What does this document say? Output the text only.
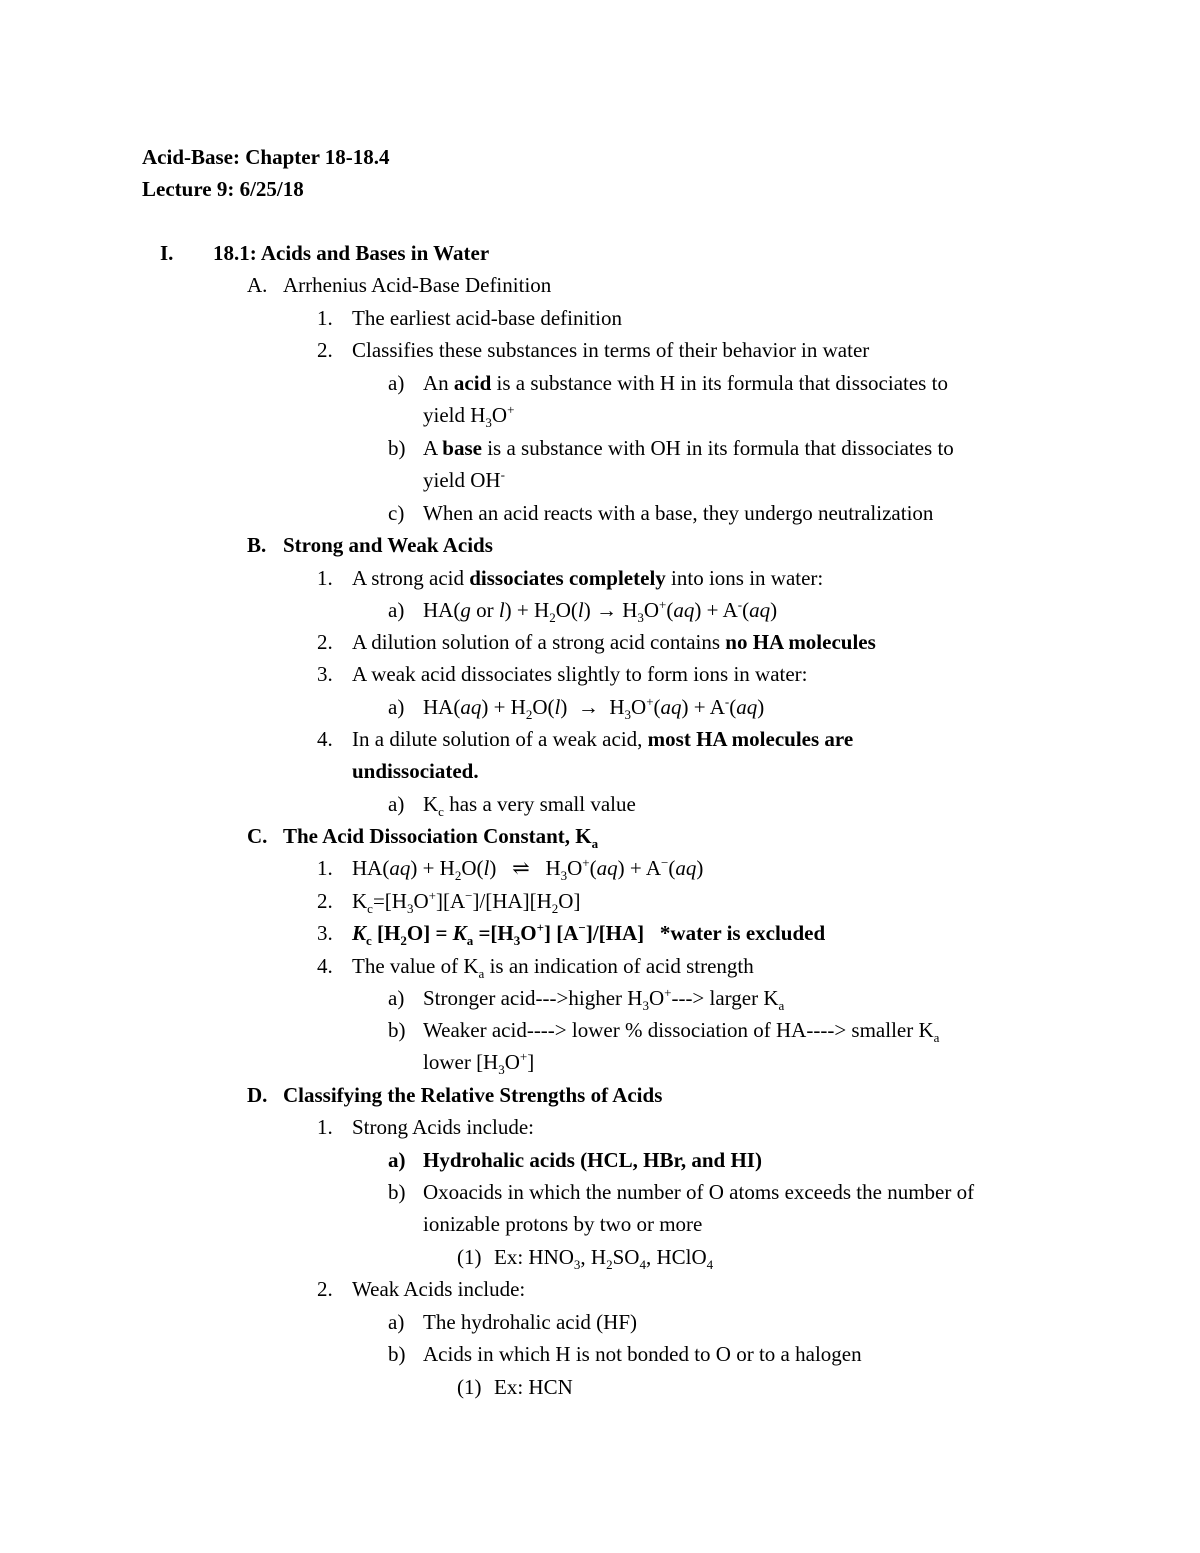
Acid-Base: Chapter 18-18.4
Lecture 9: 6/25/18
I. 18.1: Acids and Bases in Water
A. Arrhenius Acid-Base Definition
1. The earliest acid-base definition
2. Classifies these substances in terms of their behavior in water
a) An acid is a substance with H in its formula that dissociates to
yield $H_3O^+$
b) A base is a substance with OH in its formula that dissociates to
yield OH-
c) When an acid reacts with a base, they undergo neutralization
B. Strong and Weak Acids
1. A strong acid dissociates completely into ions in water:
a) HA(g or $l) + H_2O(l) \to H_3O^+(aq) + A^-(aq)$
2. A dilution solution of a strong acid contains no HA molecules
3. A weak acid dissociates slightly to form ions in water:
a) $HA(aq) + H_2O(l) \to H_3O^+(aq) + A^-(aq)$
4. In a dilute solution of a weak acid, most HA molecules are
undissociated.
a) $K_c$ has a very small value
C. The Acid Dissociation Constant, $K_a$
1. $HA(aq) + H_2O(l)$   ⇌   $H_3O^+(aq) + A^-(aq)$
2. $K_c=[H_3O^+][A^-]/[HA][H_2O]$
3. $K_c$ $[H_2O] = K_a =[H_3O^+]$ [A−]/[HA]   *water is excluded
4. The value of $K_a$ is an indication of acid strength
a) Stronger acid--->higher $H_3O^+--->$ larger $K_a$
b) Weaker acid----> lower % dissociation of HA----> smaller $K_a$
lower $[H_3O^+]$
D. Classifying the Relative Strengths of Acids
1. Strong Acids include:
a) Hydrohalic acids (HCL, HBr, and HI)
b) Oxoacids in which the number of O atoms exceeds the number of
ionizable protons by two or more
(1) Ex: $HNO_3$, $H_2SO_4$, HClO$_4$
2. Weak Acids include:
a) The hydrohalic acid (HF)
b) Acids in which H is not bonded to O or to a halogen
(1) Ex: HCN
